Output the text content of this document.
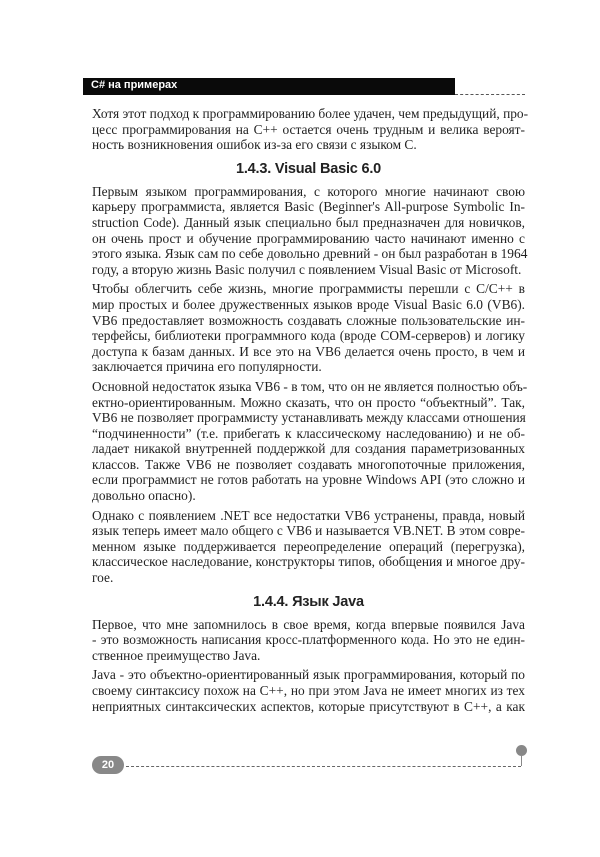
C# на примерах
Хотя этот подход к программированию более удачен, чем предыдущий, про-
цесс программирования на C++ остается очень трудным и велика вероят-
ность возникновения ошибок из-за его связи с языком C.
1.4.3. Visual Basic 6.0
Первым языком программирования, с которого многие начинают свою
карьеру программиста, является Basic (Beginner's All-purpose Symbolic In-
struction Code). Данный язык специально был предназначен для новичков,
он очень прост и обучение программированию часто начинают именно с
этого языка. Язык сам по себе довольно древний - он был разработан в 1964
году, а вторую жизнь Basic получил с появлением Visual Basic от Microsoft.
Чтобы облегчить себе жизнь, многие программисты перешли с C/C++ в
мир простых и более дружественных языков вроде Visual Basic 6.0 (VB6).
VB6 предоставляет возможность создавать сложные пользовательские ин-
терфейсы, библиотеки программного кода (вроде COM-серверов) и логику
доступа к базам данных. И все это на VB6 делается очень просто, в чем и
заключается причина его популярности.
Основной недостаток языка VB6 - в том, что он не является полностью объ-
ектно-ориентированным. Можно сказать, что он просто “объектный”. Так,
VB6 не позволяет программисту устанавливать между классами отношения
“подчиненности” (т.е. прибегать к классическому наследованию) и не об-
ладает никакой внутренней поддержкой для создания параметризованных
классов. Также VB6 не позволяет создавать многопоточные приложения,
если программист не готов работать на уровне Windows API (это сложно и
довольно опасно).
Однако с появлением .NET все недостатки VB6 устранены, правда, новый
язык теперь имеет мало общего с VB6 и называется VB.NET. В этом совре-
менном языке поддерживается переопределение операций (перегрузка),
классическое наследование, конструкторы типов, обобщения и многое дру-
гое.
1.4.4. Язык Java
Первое, что мне запомнилось в свое время, когда впервые появился Java
- это возможность написания кросс-платформенного кода. Но это не един-
ственное преимущество Java.
Java - это объектно-ориентированный язык программирования, который по
своему синтаксису похож на C++, но при этом Java не имеет многих из тех
неприятных синтаксических аспектов, которые присутствуют в C++, а как
20
